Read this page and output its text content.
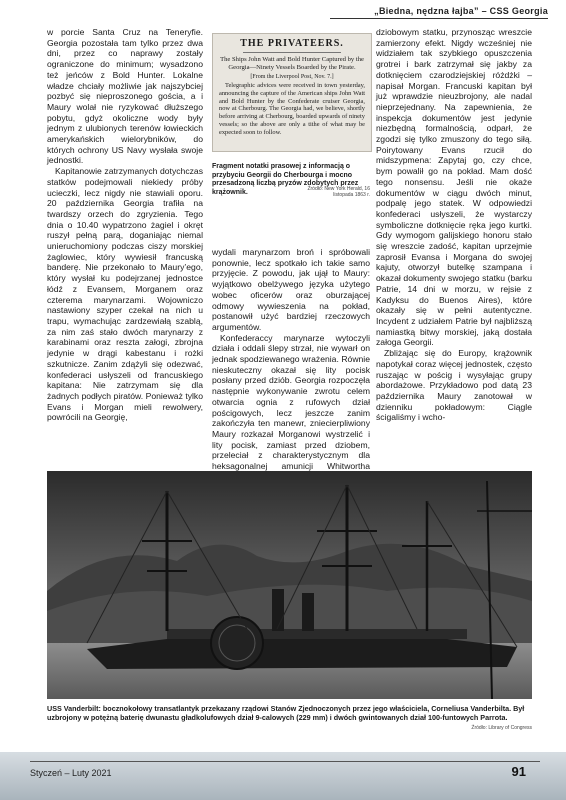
„Biedna, nędzna łajba” – CSS Georgia

w porcie Santa Cruz na Teneryfie. Georgia pozostała tam tylko przez dwa dni, przez co naprawy zostały ograniczone do minimum; wysadzono też jeńców z Bold Hunter. Lokalne władze chciały możliwie jak najszybciej pozbyć się nieproszonego gościa, a i Maury wolał nie ryzykować dłuższego pobytu, gdyż okoliczne wody były jednym z ulubionych terenów łowieckich amerykańskich wielorybników, do których ochrony US Navy wysłała swoje jednostki.

Kapitanowie zatrzymanych dotychczas statków podejmowali niekiedy próby ucieczki, lecz nigdy nie stawiali oporu. 20 października Georgia trafiła na twardszy orzech do zgryzienia. Tego dnia o 10.40 wypatrzono żagiel i okręt ruszył pełną parą, doganiając niemal unieruchomiony podczas ciszy morskiej żaglowiec, który wywiesił francuską banderę. Nie przekonało to Maury’ego, który wysłał ku podejrzanej jednostce łódź z Evansem, Morganem oraz czterema marynarzami. Wojowniczo nastawiony szyper czekał na nich u trapu, wymachując zardzewiałą szablą, za nim zaś stało dwóch marynarzy z karabinami oraz reszta załogi, zbrojna jedynie w drągi kabestanu i rożki szkutnicze. Zanim zdążyli się odezwać, konfederaci usłyszeli od francuskiego kapitana: Nie zatrzymam się dla żadnych podłych piratów. Ponieważ tylko Evans i Morgan mieli rewolwery, powrócili na Georgię,

THE PRIVATEERS.
The Ships John Watt and Bold Hunter Captured by the Georgia—Ninety Vessels Boarded by the Pirate.
[From the Liverpool Post, Nov. 7.]
Telegraphic advices were received in town yesterday, announcing the capture of the American ships John Watt and Bold Hunter by the Confederate cruiser Georgia, now at Cherbourg. The Georgia had, we believe, shortly before arriving at Cherbourg, boarded upwards of ninety vessels; so the above are only a tithe of what may be expected soon to follow.
Fragment notatki prasowej z informacją o przybyciu Georgii do Cherbourga i mocno przesadzoną liczbą pryzów zdobytych przez krążownik.	Źródło: New York Herald, 16 listopada 1863 r.

wydali marynarzom broń i spróbowali ponownie, lecz spotkało ich takie samo przyjęcie. Z powodu, jak ujął to Maury: wyjątkowo obelżywego języka użytego wobec oficerów oraz oburzającej odmowy wywieszenia na pokład, postanowił użyć bardziej rzeczowych argumentów.

Konfederaccy marynarze wytoczyli działa i oddali ślepy strzał, nie wywarł on jednak spodziewanego wrażenia. Równie nieskuteczny okazał się lity pocisk posłany przed dziób. Georgia rozpoczęła następnie wykonywanie zwrotu celem otwarcia ognia z rufowych dział pościgowych, lecz jeszcze zanim zakończyła ten manewr, zniecierpliwiony Maury rozkazał Morganowi wystrzelić i lity pocisk, zamiast przed dziobem, przeleciał z charakterystycznym dla heksagonalnej amunicji Whitwortha

dziobowym statku, przynosząc wreszcie zamierzony efekt. Nigdy wcześniej nie widziałem tak szybkiego opuszczenia grotrei i bark zatrzymał się jakby za dotknięciem czarodziejskiej różdżki – napisał Morgan. Francuski kapitan był już wprawdzie nieuzbrojony, ale nadal nieprzejednany. Na zapewnienia, że inspekcja dokumentów jest jedynie niezbędną formalnością, odparł, że zgodzi się tylko zmuszony do tego siłą. Poirytowany Evans rzucił do midszypmena: Zapytaj go, czy chce, bym powalił go na pokład. Mam dość tego nonsensu. Jeśli nie okaże dokumentów w ciągu dwóch minut, podpalę jego statek. W odpowiedzi konfederaci usłyszeli, że wystarczy symboliczne dotknięcie ręka jego kurtki. Gdy wymogom galijskiego honoru stało się wreszcie zadość, kapitan uprzejmie zaprosił Evansa i Morgana do swojej kajuty, otworzył butelkę szampana i okazał dokumenty swojego statku (barku Patrie, 14 dni w morzu, w rejsie z Kadyksu do Buenos Aires), które okazały się w pełni autentyczne. Incydent z udziałem Patrie był najbliższą namiastką bitwy morskiej, jaką dostała załoga Georgii.

Zbliżając się do Europy, krążownik napotykał coraz więcej jednostek, często ruszając w pościg i wysyłając grupy abordażowe. Przykładowo pod datą 23 października Maury zanotował w dzienniku pokładowym: Ciągle ścigaliśmy i wcho-

USS Vanderbilt: bocznokołowy transatlantyk przekazany rządowi Stanów Zjednoczonych przez jego właściciela, Corneliusa Vanderbilta. Był uzbrojony w potężną baterię dwunastu gładkolufowych dział 9-calowych (229 mm) i dwóch gwintowanych dział 100-funtowych Parrota.
Źródło: Library of Congress
Styczeń – Luty 2021	91
